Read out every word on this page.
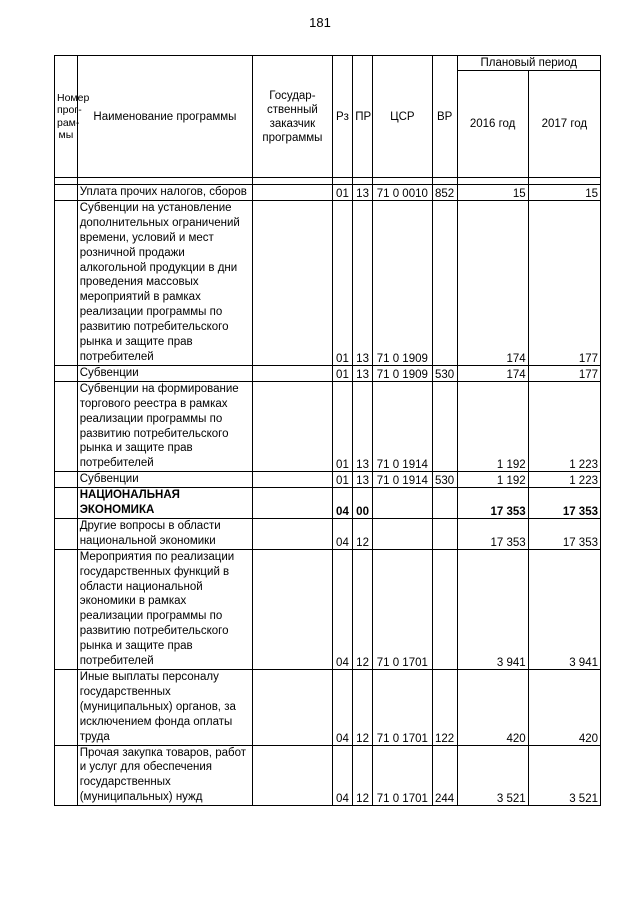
181
Номер прог-рам-мы	Наименование программы	Государ-ственный заказчик программы	Рз	ПР	ЦСР	ВР	Плановый период	
							2016 год	2017 год

	Уплата прочих налогов, сборов		01	13	71 0 0010	852	15	15
	Субвенции на установление дополнительных ограничений времени, условий и мест розничной продажи алкогольной продукции в дни проведения массовых мероприятий в рамках реализации программы по развитию потребительского рынка и защите прав потребителей		01	13	71 0 1909		174	177
	Субвенции		01	13	71 0 1909	530	174	177
	Субвенции на формирование торгового реестра в рамках реализации программы по развитию потребительского рынка и защите прав потребителей		01	13	71 0 1914		1 192	1 223
	Субвенции		01	13	71 0 1914	530	1 192	1 223
	НАЦИОНАЛЬНАЯ ЭКОНОМИКА		04	00			17 353	17 353
	Другие вопросы в области национальной экономики		04	12			17 353	17 353
	Мероприятия по реализации государственных функций в области национальной экономики в рамках реализации программы по развитию потребительского рынка и защите прав потребителей		04	12	71 0 1701		3 941	3 941
	Иные выплаты персоналу государственных (муниципальных) органов, за исключением фонда оплаты труда		04	12	71 0 1701	122	420	420
	Прочая закупка товаров, работ и услуг для обеспечения государственных (муниципальных) нужд		04	12	71 0 1701	244	3 521	3 521
